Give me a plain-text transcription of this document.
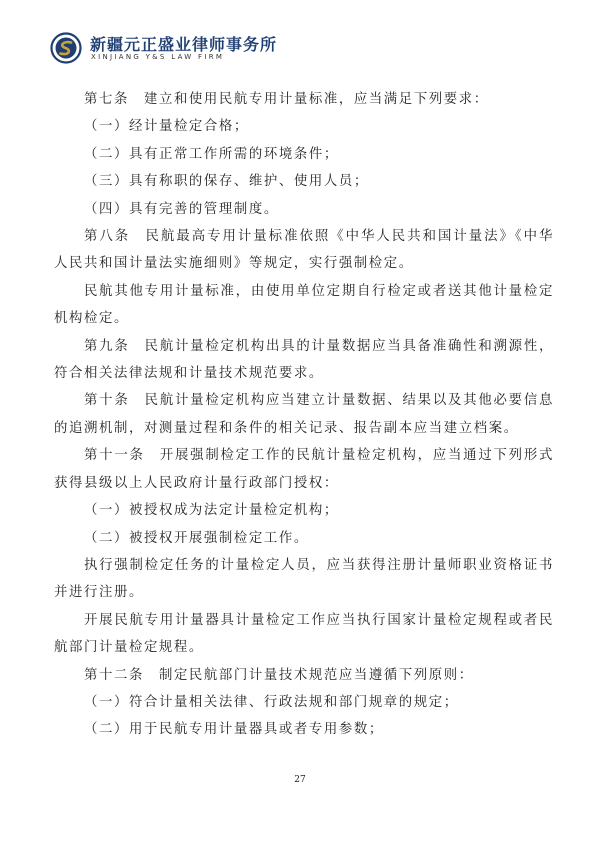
新疆元正盛业律师事务所
XINJIANG Y&S LAW FIRM

第七条　建立和使用民航专用计量标准，应当满足下列要求：

（一）经计量检定合格；

（二）具有正常工作所需的环境条件；

（三）具有称职的保存、维护、使用人员；

（四）具有完善的管理制度。

第八条　民航最高专用计量标准依照《中华人民共和国计量法》《中华人民共和国计量法实施细则》等规定，实行强制检定。

民航其他专用计量标准，由使用单位定期自行检定或者送其他计量检定机构检定。

第九条　民航计量检定机构出具的计量数据应当具备准确性和溯源性，符合相关法律法规和计量技术规范要求。

第十条　民航计量检定机构应当建立计量数据、结果以及其他必要信息的追溯机制，对测量过程和条件的相关记录、报告副本应当建立档案。

第十一条　开展强制检定工作的民航计量检定机构，应当通过下列形式获得县级以上人民政府计量行政部门授权：

（一）被授权成为法定计量检定机构；

（二）被授权开展强制检定工作。

执行强制检定任务的计量检定人员，应当获得注册计量师职业资格证书并进行注册。

开展民航专用计量器具计量检定工作应当执行国家计量检定规程或者民航部门计量检定规程。

第十二条　制定民航部门计量技术规范应当遵循下列原则：

（一）符合计量相关法律、行政法规和部门规章的规定；

（二）用于民航专用计量器具或者专用参数；

27
